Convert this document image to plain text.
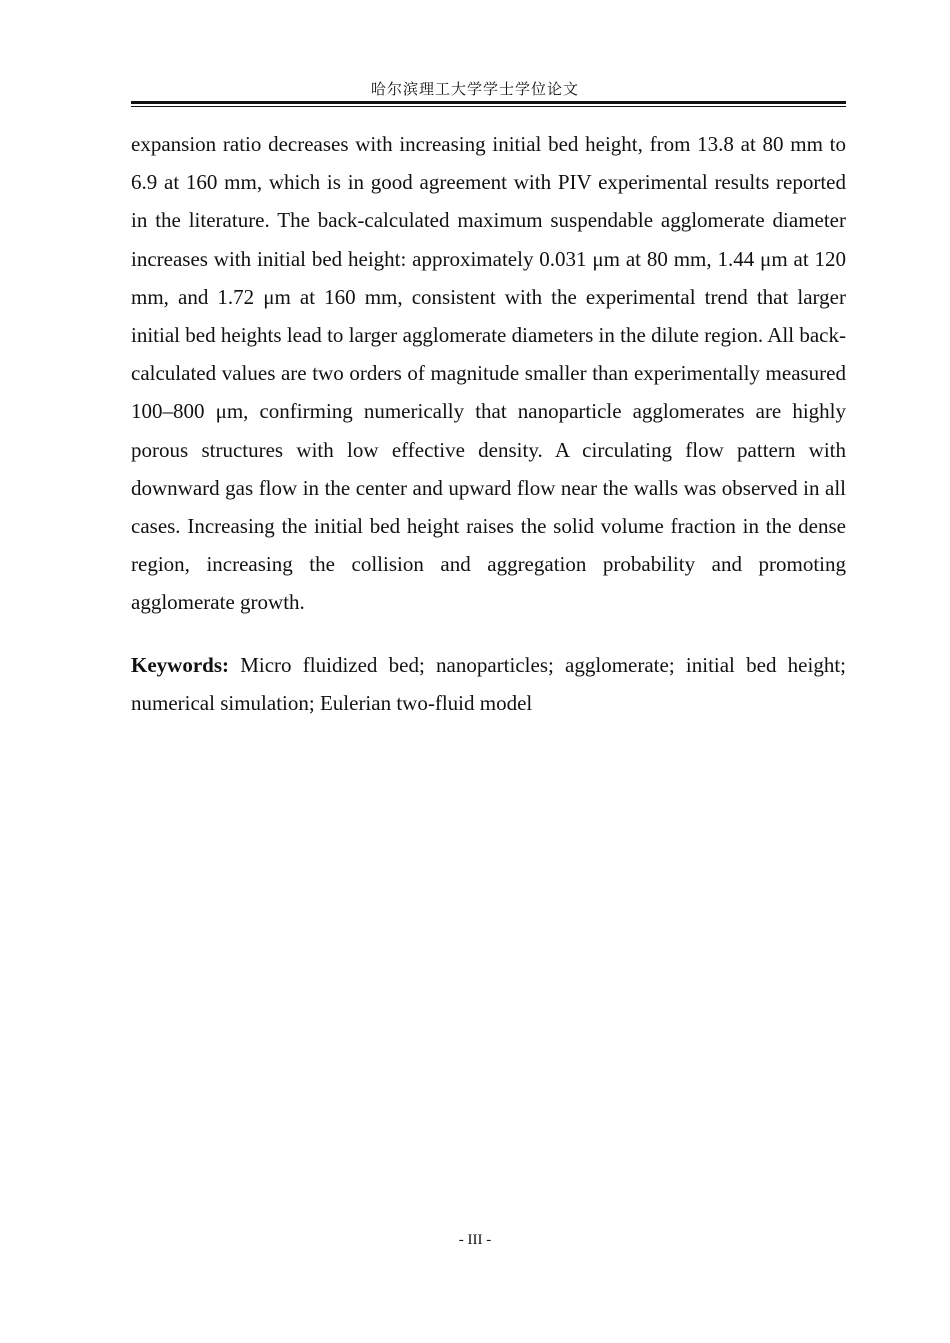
哈尔滨理工大学学士学位论文

expansion ratio decreases with increasing initial bed height, from 13.8 at 80 mm to 6.9 at 160 mm, which is in good agreement with PIV experimental results reported in the literature. The back-calculated maximum suspendable agglomerate diameter increases with initial bed height: approximately 0.031 μm at 80 mm, 1.44 μm at 120 mm, and 1.72 μm at 160 mm, consistent with the experimental trend that larger initial bed heights lead to larger agglomerate diameters in the dilute region. All back-calculated values are two orders of magnitude smaller than experimentally measured 100–800 μm, confirming numerically that nanoparticle agglomerates are highly porous structures with low effective density. A circulating flow pattern with downward gas flow in the center and upward flow near the walls was observed in all cases. Increasing the initial bed height raises the solid volume fraction in the dense region, increasing the collision and aggregation probability and promoting agglomerate growth.

Keywords: Micro fluidized bed; nanoparticles; agglomerate; initial bed height; numerical simulation; Eulerian two-fluid model

- III -
